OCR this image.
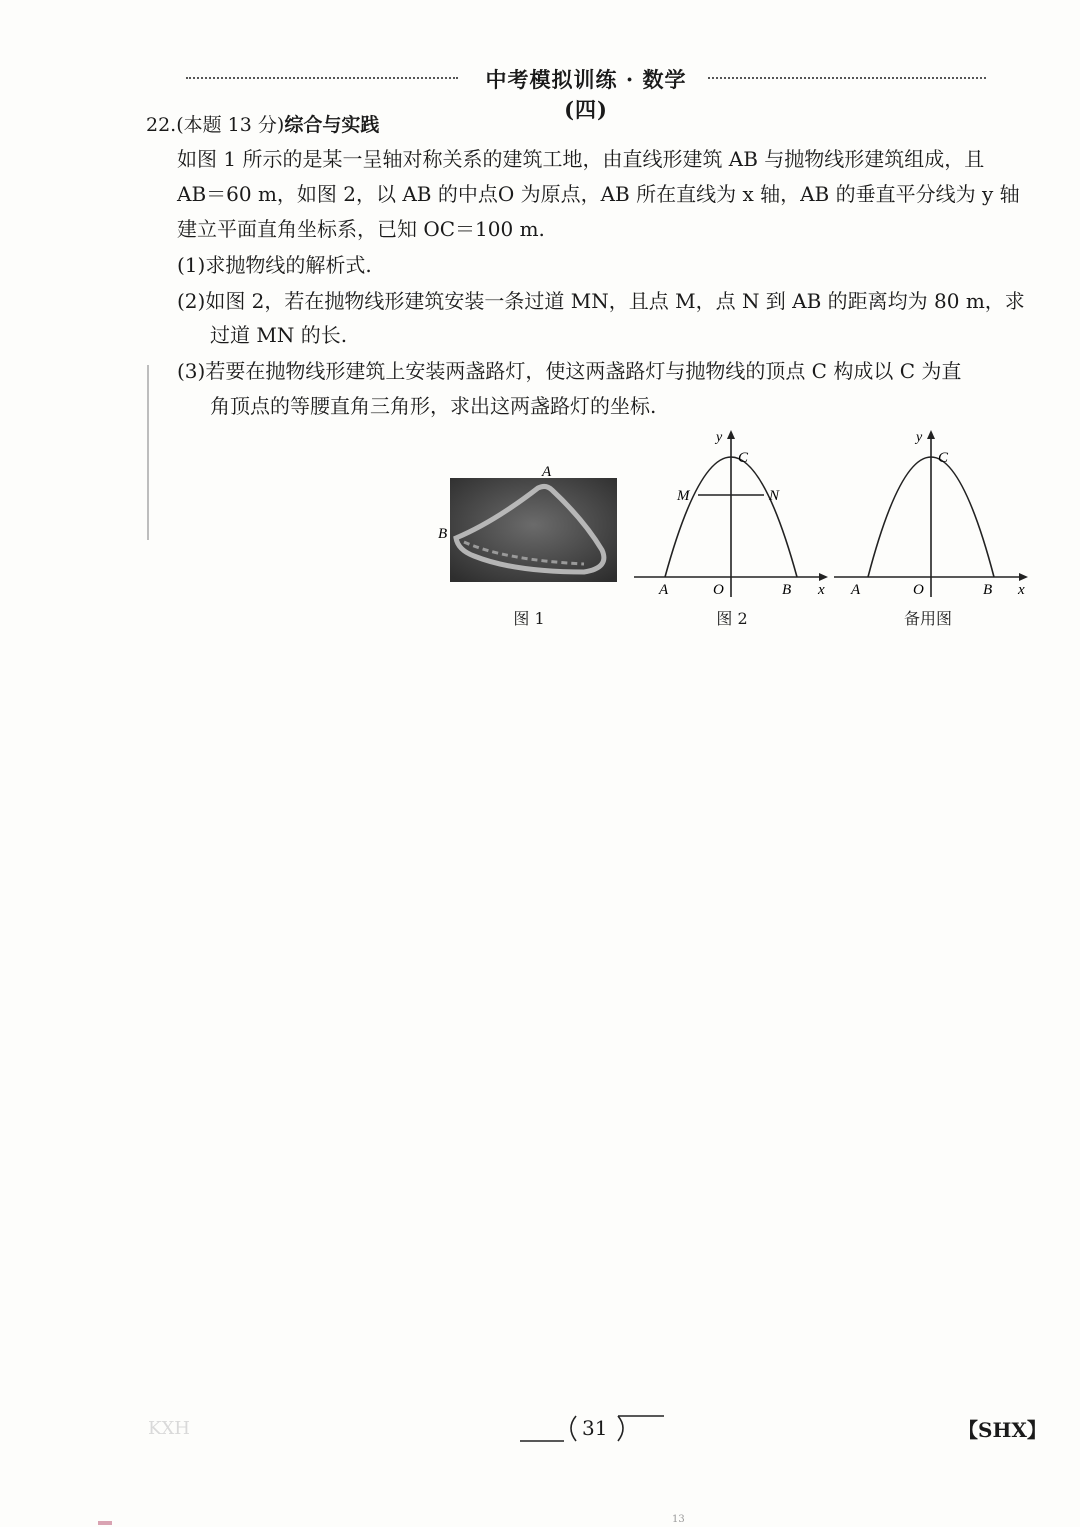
中考模拟训练 · 数学(四)
22.(本题 13 分)综合与实践
如图 1 所示的是某一呈轴对称关系的建筑工地，由直线形建筑 AB 与抛物线形建筑组成，且
AB＝60 m，如图 2，以 AB 的中点O 为原点，AB 所在直线为 x 轴，AB 的垂直平分线为 y 轴
建立平面直角坐标系，已知 OC＝100 m.
(1)求抛物线的解析式.
(2)如图 2，若在抛物线形建筑安装一条过道 MN，且点 M，点 N 到 AB 的距离均为 80 m，求
过道 MN 的长.
(3)若要在抛物线形建筑上安装两盏路灯，使这两盏路灯与抛物线的顶点 C 构成以 C 为直
角顶点的等腰直角三角形，求出这两盏路灯的坐标.
A
B
图 1
y
C
M	N
A	O	B x
图 2
y
C
A	O	B x
备用图
KXH	31	【SHX】
13
